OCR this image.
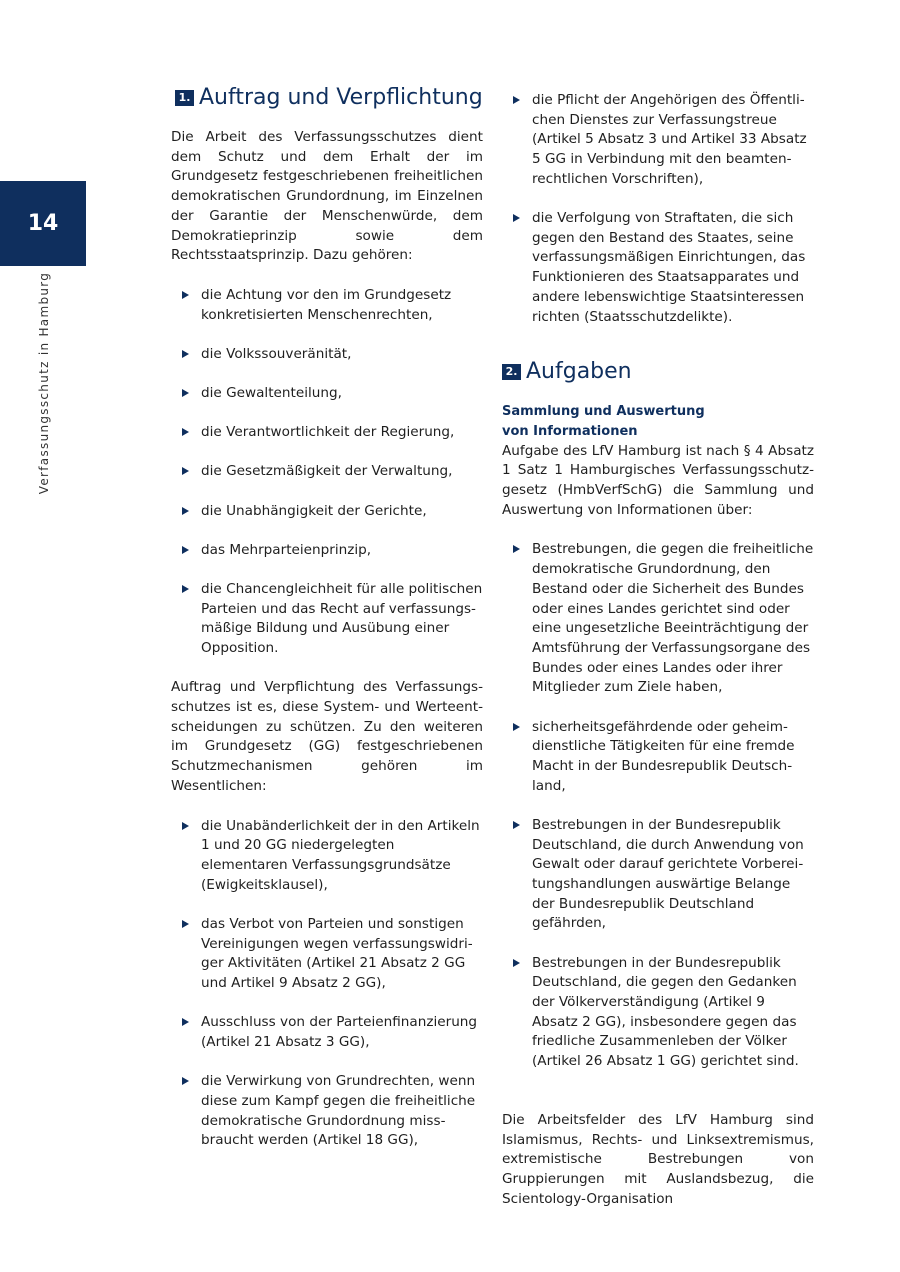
14
Verfassungsschutz in Hamburg
1. Auftrag und Verpflichtung

Die Arbeit des Verfassungsschutzes dient dem Schutz und dem Erhalt der im Grundgesetz festgeschriebenen freiheitlichen demokratischen Grundordnung, im Einzelnen der Garantie der Menschenwürde, dem Demokratieprinzip sowie dem Rechtsstaatsprinzip. Dazu gehören:

die Achtung vor den im Grundgesetz konkretisierten Menschenrechten,
die Volkssouveränität,
die Gewaltenteilung,
die Verantwortlichkeit der Regierung,
die Gesetzmäßigkeit der Verwaltung,
die Unabhängigkeit der Gerichte,
das Mehrparteienprinzip,
die Chancengleichheit für alle politischen Parteien und das Recht auf verfassungsmäßige Bildung und Ausübung einer Opposition.

Auftrag und Verpflichtung des Verfassungsschutzes ist es, diese System- und Werteentscheidungen zu schützen. Zu den weiteren im Grundgesetz (GG) festgeschriebenen Schutzmechanismen gehören im Wesentlichen:

die Unabänderlichkeit der in den Artikeln 1 und 20 GG niedergelegten elementaren Verfassungsgrundsätze (Ewigkeitsklausel),
das Verbot von Parteien und sonstigen Vereinigungen wegen verfassungswidriger Aktivitäten (Artikel 21 Absatz 2 GG und Artikel 9 Absatz 2 GG),
Ausschluss von der Parteienfinanzierung (Artikel 21 Absatz 3 GG),
die Verwirkung von Grundrechten, wenn diese zum Kampf gegen die freiheitliche demokratische Grundordnung missbraucht werden (Artikel 18 GG),
die Pflicht der Angehörigen des Öffentlichen Dienstes zur Verfassungstreue (Artikel 5 Absatz 3 und Artikel 33 Absatz 5 GG in Verbindung mit den beamtenrechtlichen Vorschriften),
die Verfolgung von Straftaten, die sich gegen den Bestand des Staates, seine verfassungsmäßigen Einrichtungen, das Funktionieren des Staatsapparates und andere lebenswichtige Staatsinteressen richten (Staatsschutzdelikte).
2. Aufgaben
Sammlung und Auswertung
von Informationen

Aufgabe des LfV Hamburg ist nach § 4 Absatz 1 Satz 1 Hamburgisches Verfassungsschutzgesetz (HmbVerfSchG) die Sammlung und Auswertung von Informationen über:

Bestrebungen, die gegen die freiheitliche demokratische Grundordnung, den Bestand oder die Sicherheit des Bundes oder eines Landes gerichtet sind oder eine ungesetzliche Beeinträchtigung der Amtsführung der Verfassungsorgane des Bundes oder eines Landes oder ihrer Mitglieder zum Ziele haben,
sicherheitsgefährdende oder geheimdienstliche Tätigkeiten für eine fremde Macht in der Bundesrepublik Deutschland,
Bestrebungen in der Bundesrepublik Deutschland, die durch Anwendung von Gewalt oder darauf gerichtete Vorbereitungshandlungen auswärtige Belange der Bundesrepublik Deutschland gefährden,
Bestrebungen in der Bundesrepublik Deutschland, die gegen den Gedanken der Völkerverständigung (Artikel 9 Absatz 2 GG), insbesondere gegen das friedliche Zusammenleben der Völker (Artikel 26 Absatz 1 GG) gerichtet sind.

Die Arbeitsfelder des LfV Hamburg sind Islamismus, Rechts- und Linksextremismus, extremistische Bestrebungen von Gruppierungen mit Auslandsbezug, die Scientology-Organisation
